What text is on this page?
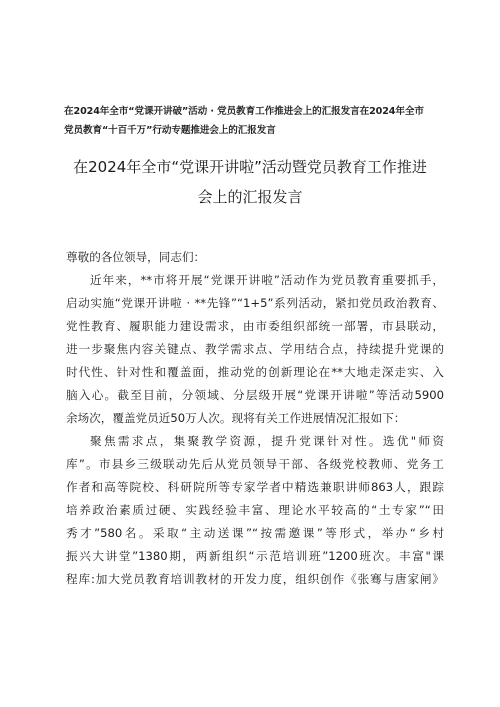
在2024年全市“党课开讲破”活动 · 党员教育工作推进会上的汇报发言在2024年全市
党员教育“十百千万”行动专题推进会上的汇报发言
在2024年全市“党课开讲啦”活动暨党员教育工作推进
会上的汇报发言
尊敬的各位领导，同志们：
近年来，**市将开展“党课开讲啦”活动作为党员教育重要抓手，
启动实施“党课开讲啦 · **先锋”“1+5”系列活动，紧扣党员政治教育、
党性教育、履职能力建设需求，由市委组织部统一部署，市县联动，
进一步聚焦内容关键点、教学需求点、学用结合点，持续提升党课的
时代性、针对性和覆盖面，推动党的创新理论在**大地走深走实、入
脑入心。截至目前，分领域、分层级开展“党课开讲啦”等活动5900
余场次，覆盖党员近50万人次。现将有关工作进展情况汇报如下：
聚焦需求点，集聚教学资源，提升党课针对性。选优"师资
库”。市县乡三级联动先后从党员领导干部、各级党校教师、党务工
作者和高等院校、科研院所等专家学者中精选兼职讲师863人，跟踪
培养政治素质过硬、实践经验丰富、理论水平较高的“土专家”“田
秀才”580名。采取“主动送课”“按需邀课”等形式，举办“乡村
振兴大讲堂”1380期，两新组织“示范培训班”1200班次。丰富"课
程库:加大党员教育培训教材的开发力度，组织创作《张骞与唐家闸》
